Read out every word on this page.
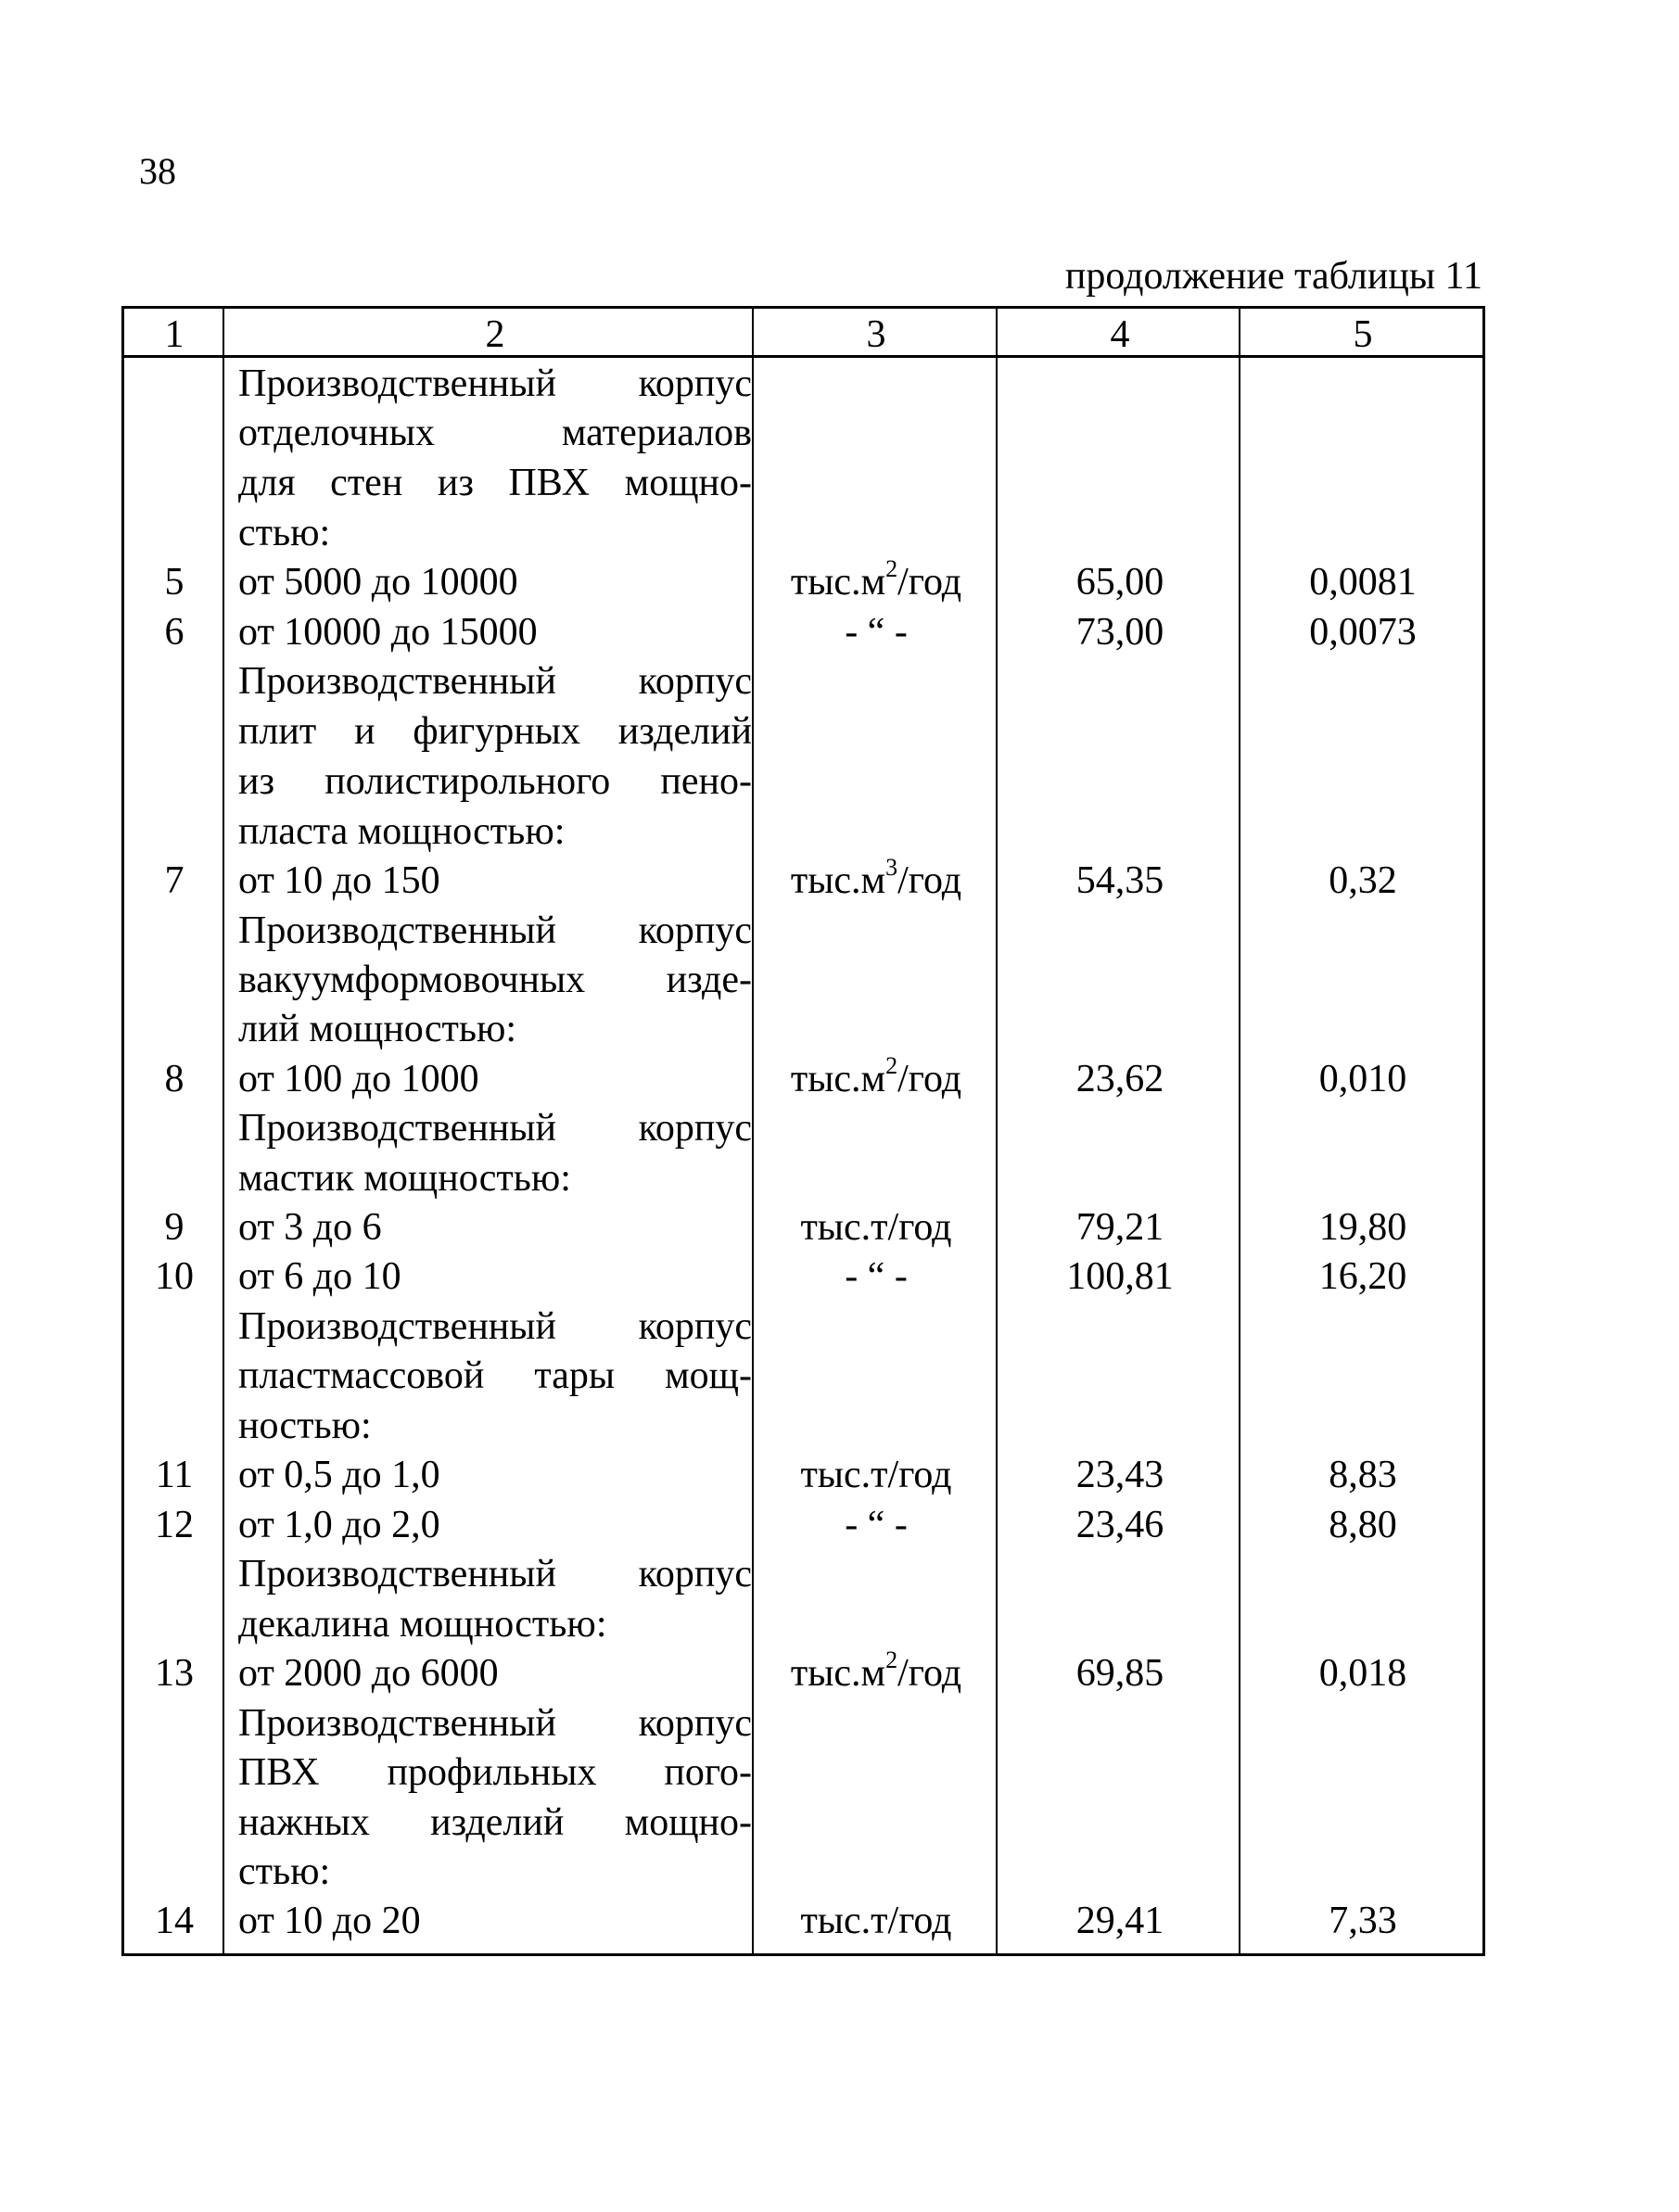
38
продолжение таблицы 11
1	2	3	4	5
Производственный корпус
отделочных материалов
для стен из ПВХ мощно-
стью:
5	от 5000 до 10000	$тыс.м^2$/год	65,00	0,0081
6	от 10000 до 15000	- “ -	73,00	0,0073
Производственный корпус
плит и фигурных изделий
из полистирольного пено-
пласта мощностью:
7	от 10 до 150	$тыс.м^3$/год	54,35	0,32
Производственный корпус
вакуумформовочных изде-
лий мощностью:
8	от 100 до 1000	$тыс.м^2$/год	23,62	0,010
Производственный корпус
мастик мощностью:
9	от 3 до 6	тыс.т/год	79,21	19,80
10	от 6 до 10	- “ -	100,81	16,20
Производственный корпус
пластмассовой тары мощ-
ностью:
11	от 0,5 до 1,0	тыс.т/год	23,43	8,83
12	от 1,0 до 2,0	- “ -	23,46	8,80
Производственный корпус
декалина мощностью:
13	от 2000 до 6000	$тыс.м^2$/год	69,85	0,018
Производственный корпус
ПВХ профильных пого-
нажных изделий мощно-
стью:
14	от 10 до 20	тыс.т/год	29,41	7,33
